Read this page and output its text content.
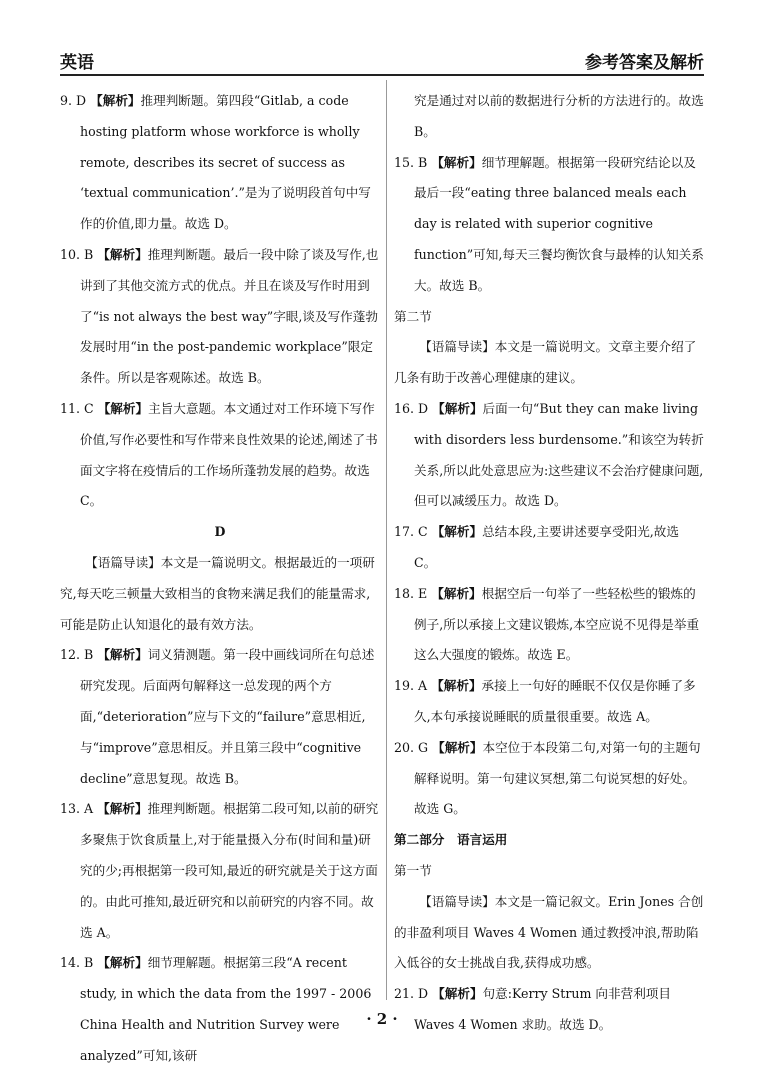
英语	参考答案及解析

9. D 【解析】推理判断题。第四段“Gitlab, a code hosting platform whose workforce is wholly remote, describes its secret of success as ‘textual communication’.”是为了说明段首句中写作的价值,即力量。故选 D。

10. B 【解析】推理判断题。最后一段中除了谈及写作,也讲到了其他交流方式的优点。并且在谈及写作时用到了“is not always the best way”字眼,谈及写作蓬勃发展时用“in the post-pandemic workplace”限定条件。所以是客观陈述。故选 B。

11. C 【解析】主旨大意题。本文通过对工作环境下写作价值,写作必要性和写作带来良性效果的论述,阐述了书面文字将在疫情后的工作场所蓬勃发展的趋势。故选 C。

D

【语篇导读】本文是一篇说明文。根据最近的一项研究,每天吃三顿量大致相当的食物来满足我们的能量需求,可能是防止认知退化的最有效方法。

12. B 【解析】词义猜测题。第一段中画线词所在句总述研究发现。后面两句解释这一总发现的两个方面,“deterioration”应与下文的“failure”意思相近,与“improve”意思相反。并且第三段中“cognitive decline”意思复现。故选 B。

13. A 【解析】推理判断题。根据第二段可知,以前的研究多聚焦于饮食质量上,对于能量摄入分布(时间和量)研究的少;再根据第一段可知,最近的研究就是关于这方面的。由此可推知,最近研究和以前研究的内容不同。故选 A。

14. B 【解析】细节理解题。根据第三段“A recent study, in which the data from the 1997 - 2006 China Health and Nutrition Survey were analyzed”可知,该研

究是通过对以前的数据进行分析的方法进行的。故选 B。

15. B 【解析】细节理解题。根据第一段研究结论以及最后一段“eating three balanced meals each day is related with superior cognitive function”可知,每天三餐均衡饮食与最棒的认知关系大。故选 B。

第二节

【语篇导读】本文是一篇说明文。文章主要介绍了几条有助于改善心理健康的建议。

16. D 【解析】后面一句“But they can make living with disorders less burdensome.”和该空为转折关系,所以此处意思应为:这些建议不会治疗健康问题,但可以减缓压力。故选 D。

17. C 【解析】总结本段,主要讲述要享受阳光,故选 C。

18. E 【解析】根据空后一句举了一些轻松些的锻炼的例子,所以承接上文建议锻炼,本空应说不见得是举重这么大强度的锻炼。故选 E。

19. A 【解析】承接上一句好的睡眠不仅仅是你睡了多久,本句承接说睡眠的质量很重要。故选 A。

20. G 【解析】本空位于本段第二句,对第一句的主题句解释说明。第一句建议冥想,第二句说冥想的好处。故选 G。

第二部分　语言运用

第一节

【语篇导读】本文是一篇记叙文。Erin Jones 合创的非盈利项目 Waves 4 Women 通过教授冲浪,帮助陷入低谷的女士挑战自我,获得成功感。

21. D 【解析】句意:Kerry Strum 向非营利项目 Waves 4 Women 求助。故选 D。

· 2 ·
